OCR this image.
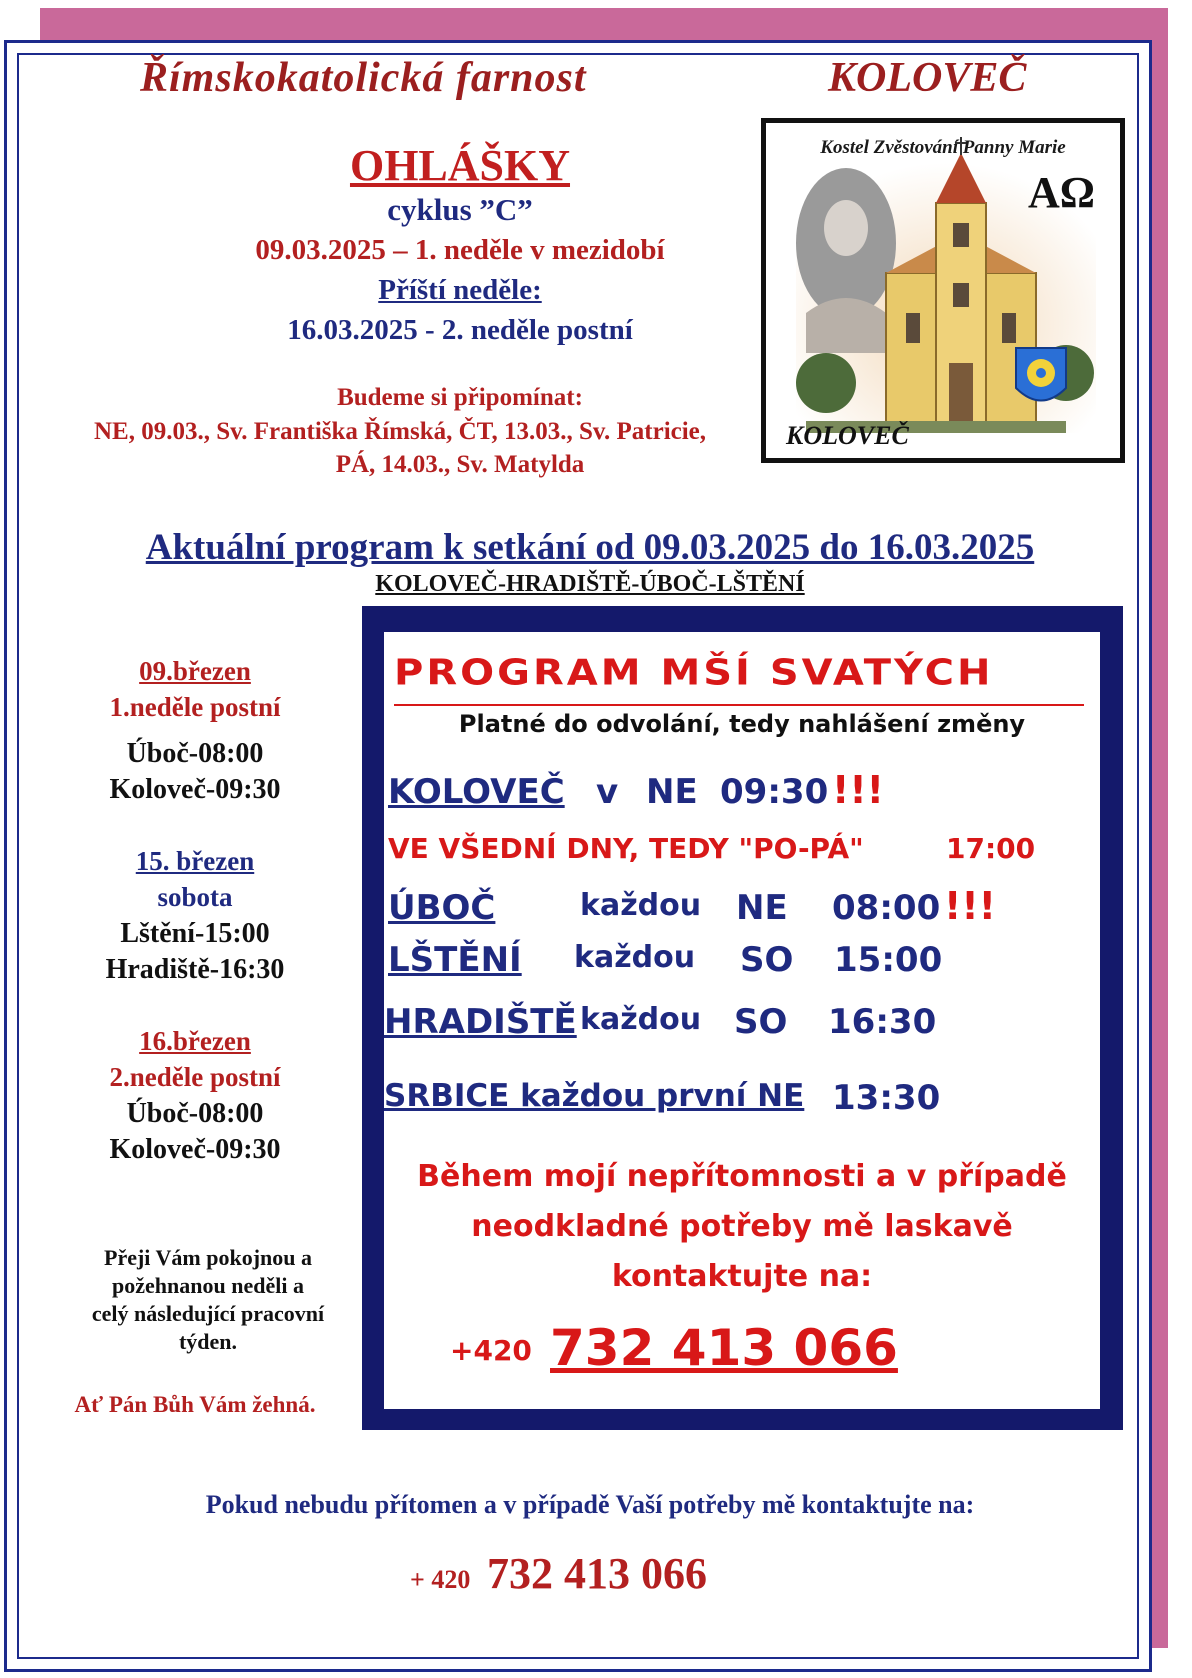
Římskokatolická farnost	KOLOVEČ
OHLÁŠKY
cyklus ”C”
09.03.2025 – 1. neděle v mezidobí
Příští neděle:
16.03.2025 - 2. neděle postní
Budeme si připomínat:
NE, 09.03., Sv. Františka Římská, ČT, 13.03., Sv. Patricie,
PÁ, 14.03., Sv. Matylda
Kostel Zvěstování Panny Marie
AΩ
KOLOVEČ
Aktuální program k setkání od 09.03.2025 do 16.03.2025
KOLOVEČ-HRADIŠTĚ-ÚBOČ-LŠTĚNÍ
09.březen
1.neděle postní
Úboč-08:00
Koloveč-09:30
15. březen
sobota
Lštění-15:00
Hradiště-16:30
16.březen
2.neděle postní
Úboč-08:00
Koloveč-09:30
Přeji Vám pokojnou a
požehnanou neděli a
celý následující pracovní
týden.
Ať Pán Bůh Vám žehná.
PROGRAM MŠÍ SVATÝCH
Platné do odvolání, tedy nahlášení změny
KOLOVEČ v NE 09:30 !!!
VE VŠEDNÍ DNY, TEDY "PO-PÁ"	17:00
ÚBOČ	každou NE 08:00 !!!
LŠTĚNÍ každou SO 15:00
HRADIŠTĚ každou SO 16:30
SRBICE každou první NE 13:30
Během mojí nepřítomnosti a v případě
neodkladné potřeby mě laskavě
kontaktujte na:
+420 732 413 066
Pokud nebudu přítomen a v případě Vaší potřeby mě kontaktujte na:
+ 420 732 413 066
